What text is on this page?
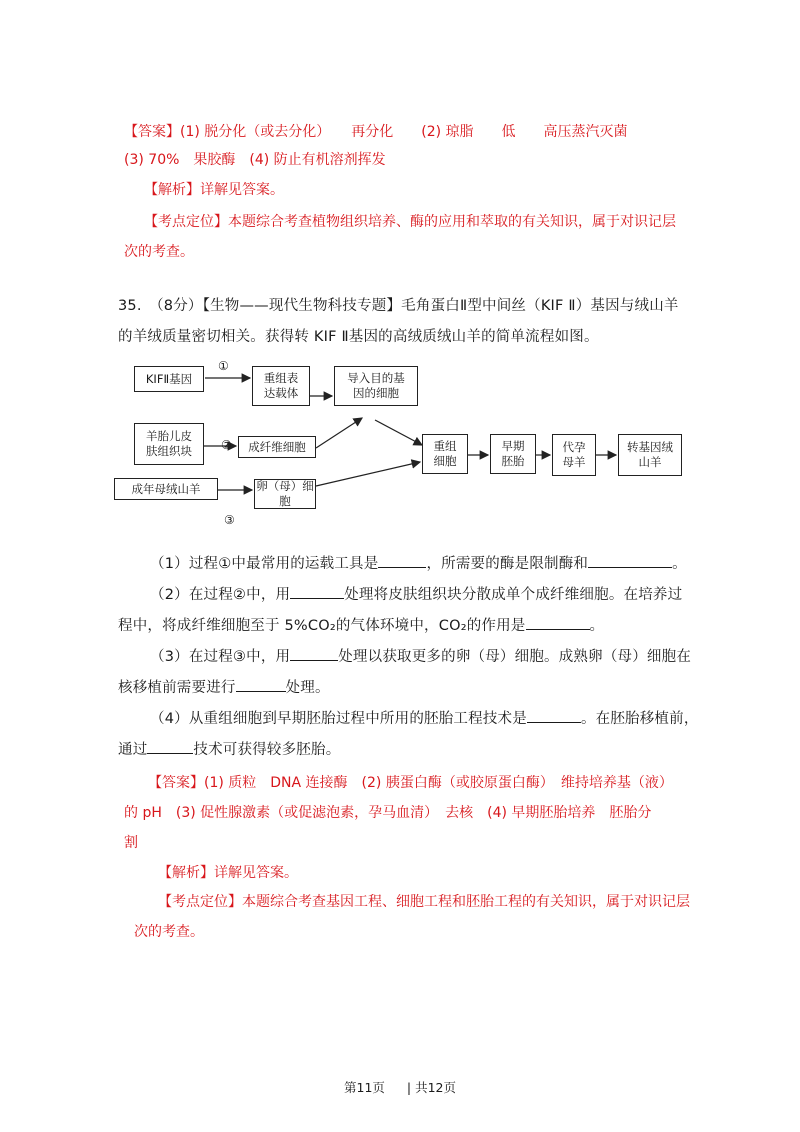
【答案】(1) 脱分化（或去分化）　　再分化　　(2) 琼脂　　低　　高压蒸汽灭菌
(3) 70%　果胶酶　(4) 防止有机溶剂挥发
【解析】详解见答案。
【考点定位】本题综合考查植物组织培养、酶的应用和萃取的有关知识，属于对识记层
次的考查。
35.　（8分）【生物——现代生物科技专题】毛角蛋白Ⅱ型中间丝（KIF Ⅱ）基因与绒山羊
的羊绒质量密切相关。获得转 KIF Ⅱ基因的高绒质绒山羊的简单流程如图。
KIFⅡ基因
①
重组表达载体
导入目的基因的细胞
羊胎儿皮肤组织块	②	成纤维细胞	重组细胞
早期胚胎
代孕母羊
转基因绒山羊
成年母绒山羊	卵（母）细胞
③
（1）过程①中最常用的运载工具是	，所需要的酶是限制酶和	。
（2）在过程②中，用	处理将皮肤组织块分散成单个成纤维细胞。在培养过
程中，将成纤维细胞至于 5%CO₂的气体环境中，CO₂的作用是	。
（3）在过程③中，用	处理以获取更多的卵（母）细胞。成熟卵（母）细胞在
核移植前需要进行	处理。
（4）从重组细胞到早期胚胎过程中所用的胚胎工程技术是	。在胚胎移植前，
通过	技术可获得较多胚胎。
【答案】(1) 质粒　DNA 连接酶　(2) 胰蛋白酶（或胶原蛋白酶）　维持培养基（液）
的 pH　(3) 促性腺激素（或促滤泡素，孕马血清）　去核　(4) 早期胚胎培养　胚胎分
割
【解析】详解见答案。
【考点定位】本题综合考查基因工程、细胞工程和胚胎工程的有关知识，属于对识记层
次的考查。
第11页 | 共12页
